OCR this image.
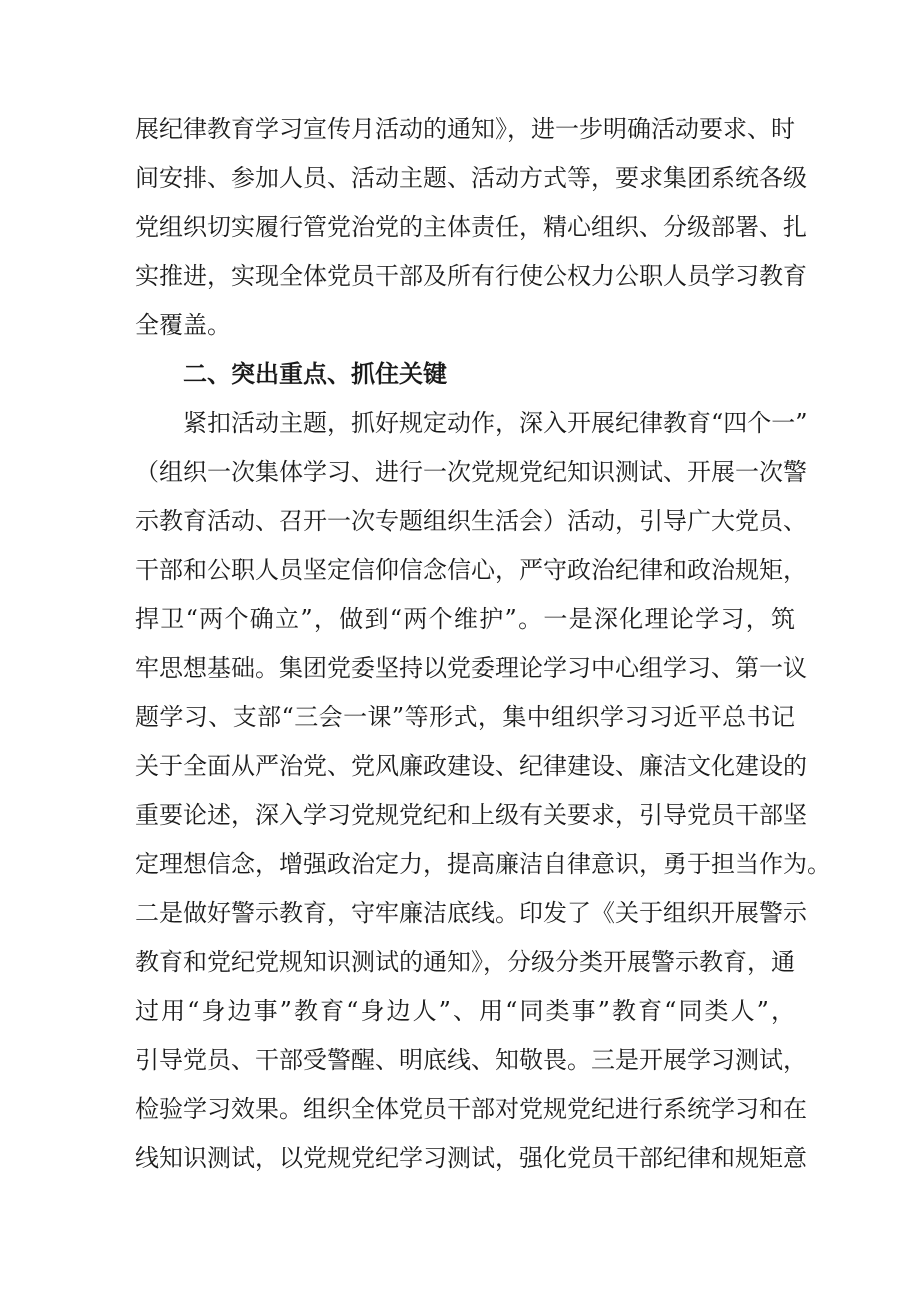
展纪律教育学习宣传月活动的通知》，进一步明确活动要求、时
间安排、参加人员、活动主题、活动方式等，要求集团系统各级
党组织切实履行管党治党的主体责任，精心组织、分级部署、扎
实推进，实现全体党员干部及所有行使公权力公职人员学习教育
全覆盖。
二、突出重点、抓住关键
紧扣活动主题，抓好规定动作，深入开展纪律教育“四个一”
（组织一次集体学习、进行一次党规党纪知识测试、开展一次警
示教育活动、召开一次专题组织生活会）活动，引导广大党员、
干部和公职人员坚定信仰信念信心，严守政治纪律和政治规矩，
捍卫“两个确立”，做到“两个维护”。一是深化理论学习，筑
牢思想基础。集团党委坚持以党委理论学习中心组学习、第一议
题学习、支部“三会一课”等形式，集中组织学习习近平总书记
关于全面从严治党、党风廉政建设、纪律建设、廉洁文化建设的
重要论述，深入学习党规党纪和上级有关要求，引导党员干部坚
定理想信念，增强政治定力，提高廉洁自律意识，勇于担当作为。
二是做好警示教育，守牢廉洁底线。印发了《关于组织开展警示
教育和党纪党规知识测试的通知》，分级分类开展警示教育，通
过用“身边事”教育“身边人”、用“同类事”教育“同类人”，
引导党员、干部受警醒、明底线、知敬畏。三是开展学习测试，
检验学习效果。组织全体党员干部对党规党纪进行系统学习和在
线知识测试，以党规党纪学习测试，强化党员干部纪律和规矩意
